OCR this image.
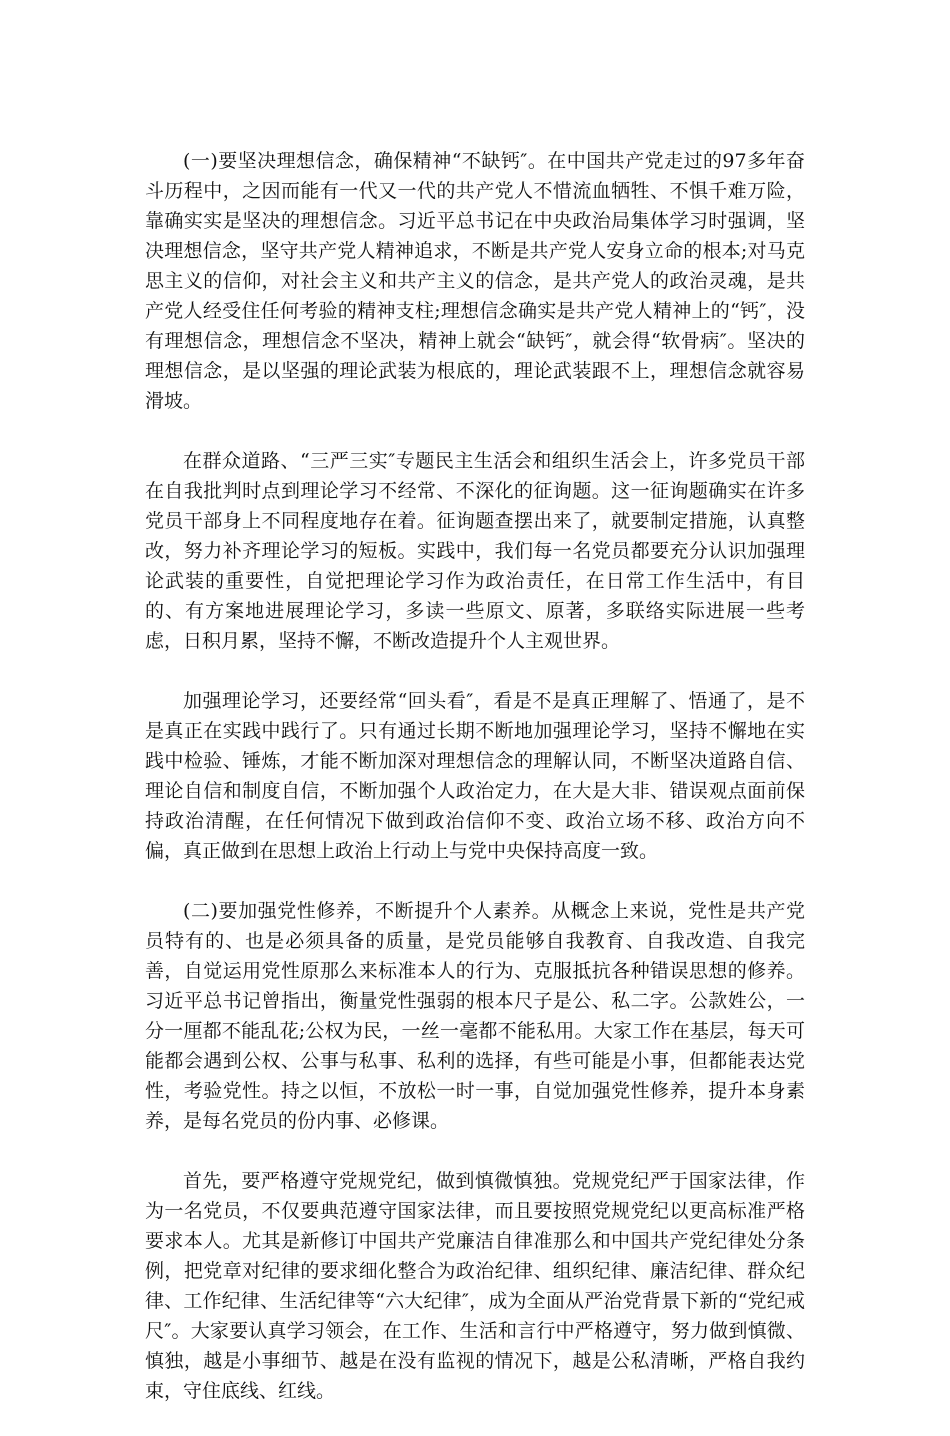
(一)要坚决理想信念，确保精神“不缺钙″。在中国共产党走过的97多年奋斗历程中，之因而能有一代又一代的共产党人不惜流血牺牲、不惧千难万险，靠确实实是坚决的理想信念。习近平总书记在中央政治局集体学习时强调，坚决理想信念，坚守共产党人精神追求，不断是共产党人安身立命的根本;对马克思主义的信仰，对社会主义和共产主义的信念，是共产党人的政治灵魂，是共产党人经受住任何考验的精神支柱;理想信念确实是共产党人精神上的“钙″，没有理想信念，理想信念不坚决，精神上就会“缺钙″，就会得“软骨病″。坚决的理想信念，是以坚强的理论武装为根底的，理论武装跟不上，理想信念就容易滑坡。

在群众道路、“三严三实″专题民主生活会和组织生活会上，许多党员干部在自我批判时点到理论学习不经常、不深化的征询题。这一征询题确实在许多党员干部身上不同程度地存在着。征询题查摆出来了，就要制定措施，认真整改，努力补齐理论学习的短板。实践中，我们每一名党员都要充分认识加强理论武装的重要性，自觉把理论学习作为政治责任，在日常工作生活中，有目的、有方案地进展理论学习，多读一些原文、原著，多联络实际进展一些考虑，日积月累，坚持不懈，不断改造提升个人主观世界。

加强理论学习，还要经常“回头看″，看是不是真正理解了、悟通了，是不是真正在实践中践行了。只有通过长期不断地加强理论学习，坚持不懈地在实践中检验、锤炼，才能不断加深对理想信念的理解认同，不断坚决道路自信、理论自信和制度自信，不断加强个人政治定力，在大是大非、错误观点面前保持政治清醒，在任何情况下做到政治信仰不变、政治立场不移、政治方向不偏，真正做到在思想上政治上行动上与党中央保持高度一致。

(二)要加强党性修养，不断提升个人素养。从概念上来说，党性是共产党员特有的、也是必须具备的质量，是党员能够自我教育、自我改造、自我完善，自觉运用党性原那么来标准本人的行为、克服抵抗各种错误思想的修养。习近平总书记曾指出，衡量党性强弱的根本尺子是公、私二字。公款姓公，一分一厘都不能乱花;公权为民，一丝一毫都不能私用。大家工作在基层，每天可能都会遇到公权、公事与私事、私利的选择，有些可能是小事，但都能表达党性，考验党性。持之以恒，不放松一时一事，自觉加强党性修养，提升本身素养，是每名党员的份内事、必修课。

首先，要严格遵守党规党纪，做到慎微慎独。党规党纪严于国家法律，作为一名党员，不仅要典范遵守国家法律，而且要按照党规党纪以更高标准严格要求本人。尤其是新修订中国共产党廉洁自律准那么和中国共产党纪律处分条例，把党章对纪律的要求细化整合为政治纪律、组织纪律、廉洁纪律、群众纪律、工作纪律、生活纪律等“六大纪律″，成为全面从严治党背景下新的“党纪戒尺″。大家要认真学习领会，在工作、生活和言行中严格遵守，努力做到慎微、慎独，越是小事细节、越是在没有监视的情况下，越是公私清晰，严格自我约束，守住底线、红线。
